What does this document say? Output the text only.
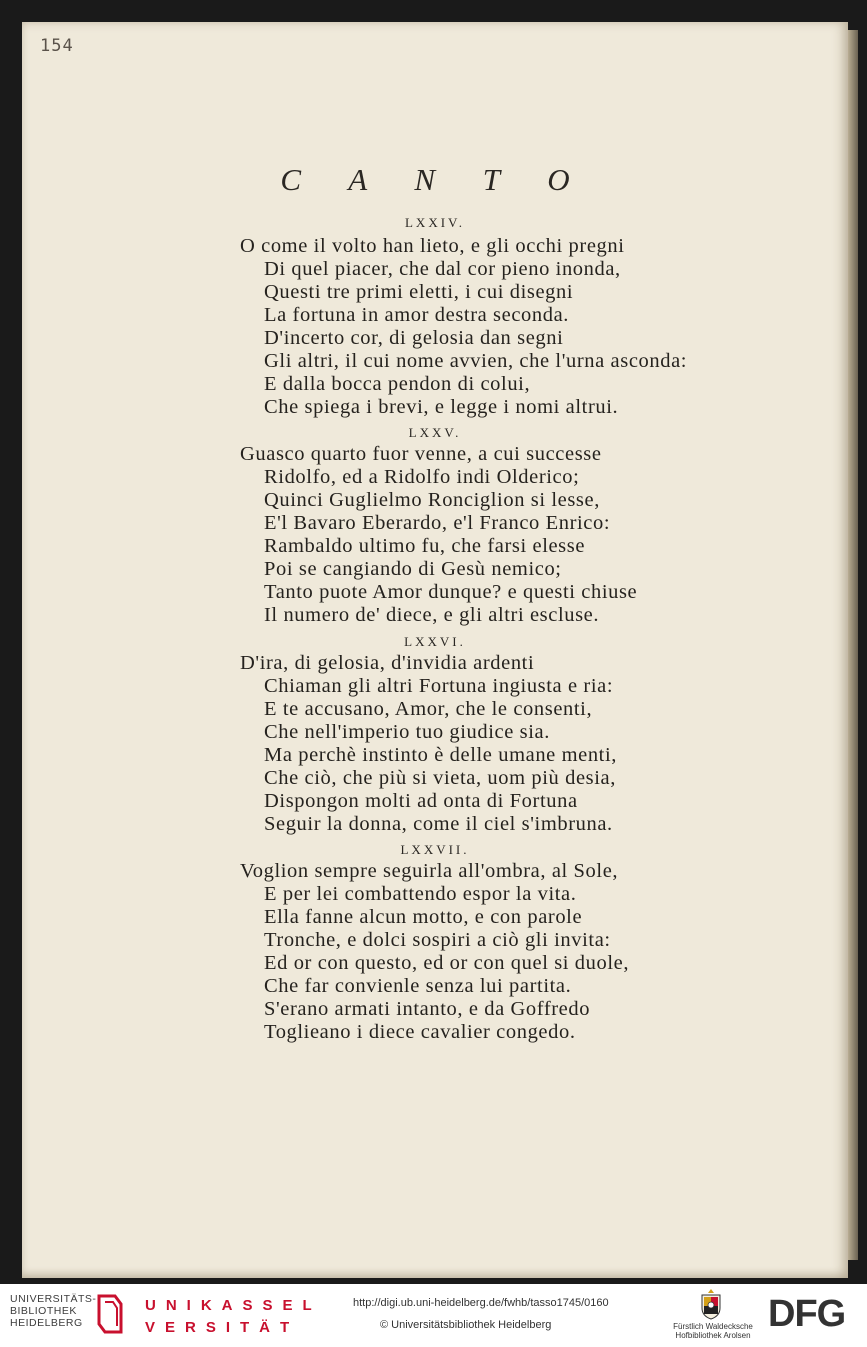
154
C A N T O
LXXIV.
O come il volto han lieto, e gli occhi pregni
Di quel piacer, che dal cor pieno inonda,
Questi tre primi eletti, i cui disegni
La fortuna in amor destra seconda.
D'incerto cor, di gelosia dan segni
Gli altri, il cui nome avvien, che l'urna asconda:
E dalla bocca pendon di colui,
Che spiega i brevi, e legge i nomi altrui.
LXXV.
Guasco quarto fuor venne, a cui successe
Ridolfo, ed a Ridolfo indi Olderico;
Quinci Guglielmo Ronciglion si lesse,
E'l Bavaro Eberardo, e'l Franco Enrico:
Rambaldo ultimo fu, che farsi elesse
Poi se cangiando di Gesù nemico;
Tanto puote Amor dunque? e questi chiuse
Il numero de' diece, e gli altri esclusе.
LXXVI.
D'ira, di gelosia, d'invidia ardenti
Chiaman gli altri Fortuna ingiusta e ria:
E te accusano, Amor, che le consenti,
Che nell'imperio tuo giudice sia.
Ma perchè instinto è delle umane menti,
Che ciò, che più si vieta, uom più desia,
Dispongon molti ad onta di Fortuna
Seguir la donna, come il ciel s'imbruna.
LXXVII.
Voglion sempre seguirla all'ombra, al Sole,
E per lei combattendo espor la vita.
Ella fanne alcun motto, e con parole
Tronche, e dolci sospiri a ciò gli invita:
Ed or con questo, ed or con quel si duole,
Che far convienle senza lui partita.
S'erano armati intanto, e da Goffredo
Toglieano i diece cavalier congedo.
UNIVERSITÄTS-
BIBLIOTHEK
HEIDELBERG
UNIKASSEL
VERSITÄT
http://digi.ub.uni-heidelberg.de/fwhb/tasso1745/0160
© Universitätsbibliothek Heidelberg	Fürstlich Waldecksche
Hofbibliothek Arolsen
DFG
